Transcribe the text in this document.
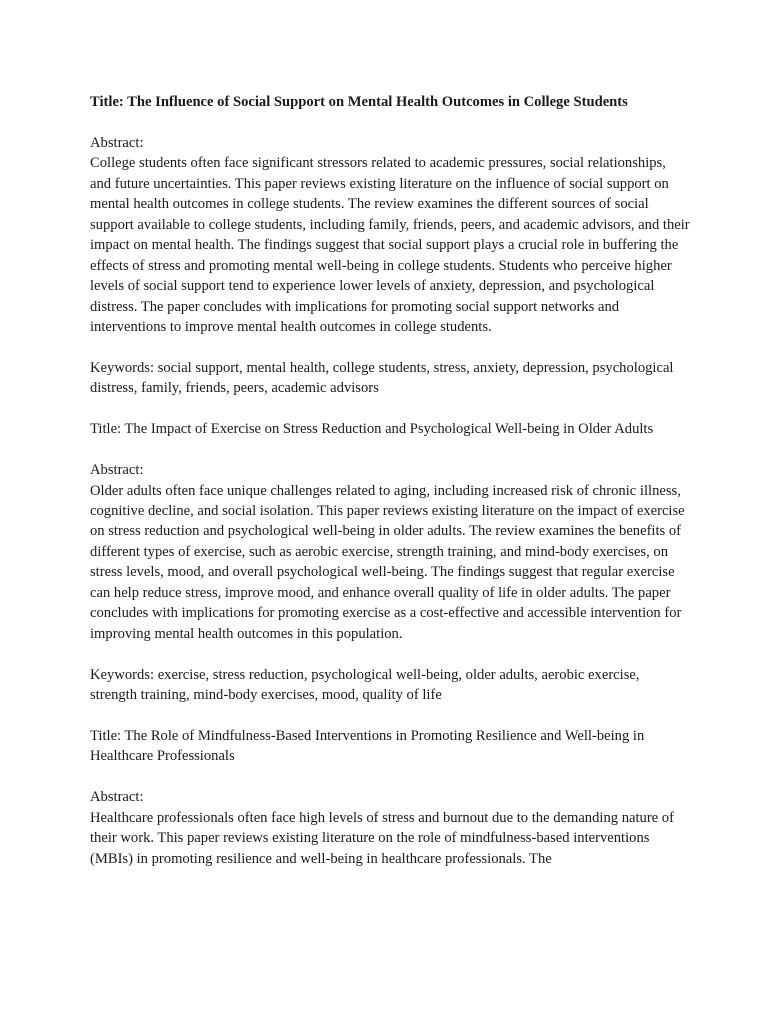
Title: The Influence of Social Support on Mental Health Outcomes in College Students

Abstract:

College students often face significant stressors related to academic pressures, social relationships, and future uncertainties. This paper reviews existing literature on the influence of social support on mental health outcomes in college students. The review examines the different sources of social support available to college students, including family, friends, peers, and academic advisors, and their impact on mental health. The findings suggest that social support plays a crucial role in buffering the effects of stress and promoting mental well-being in college students. Students who perceive higher levels of social support tend to experience lower levels of anxiety, depression, and psychological distress. The paper concludes with implications for promoting social support networks and interventions to improve mental health outcomes in college students.

Keywords: social support, mental health, college students, stress, anxiety, depression, psychological distress, family, friends, peers, academic advisors

Title: The Impact of Exercise on Stress Reduction and Psychological Well-being in Older Adults

Abstract:

Older adults often face unique challenges related to aging, including increased risk of chronic illness, cognitive decline, and social isolation. This paper reviews existing literature on the impact of exercise on stress reduction and psychological well-being in older adults. The review examines the benefits of different types of exercise, such as aerobic exercise, strength training, and mind-body exercises, on stress levels, mood, and overall psychological well-being. The findings suggest that regular exercise can help reduce stress, improve mood, and enhance overall quality of life in older adults. The paper concludes with implications for promoting exercise as a cost-effective and accessible intervention for improving mental health outcomes in this population.

Keywords: exercise, stress reduction, psychological well-being, older adults, aerobic exercise, strength training, mind-body exercises, mood, quality of life

Title: The Role of Mindfulness-Based Interventions in Promoting Resilience and Well-being in Healthcare Professionals

Abstract:

Healthcare professionals often face high levels of stress and burnout due to the demanding nature of their work. This paper reviews existing literature on the role of mindfulness-based interventions (MBIs) in promoting resilience and well-being in healthcare professionals. The
